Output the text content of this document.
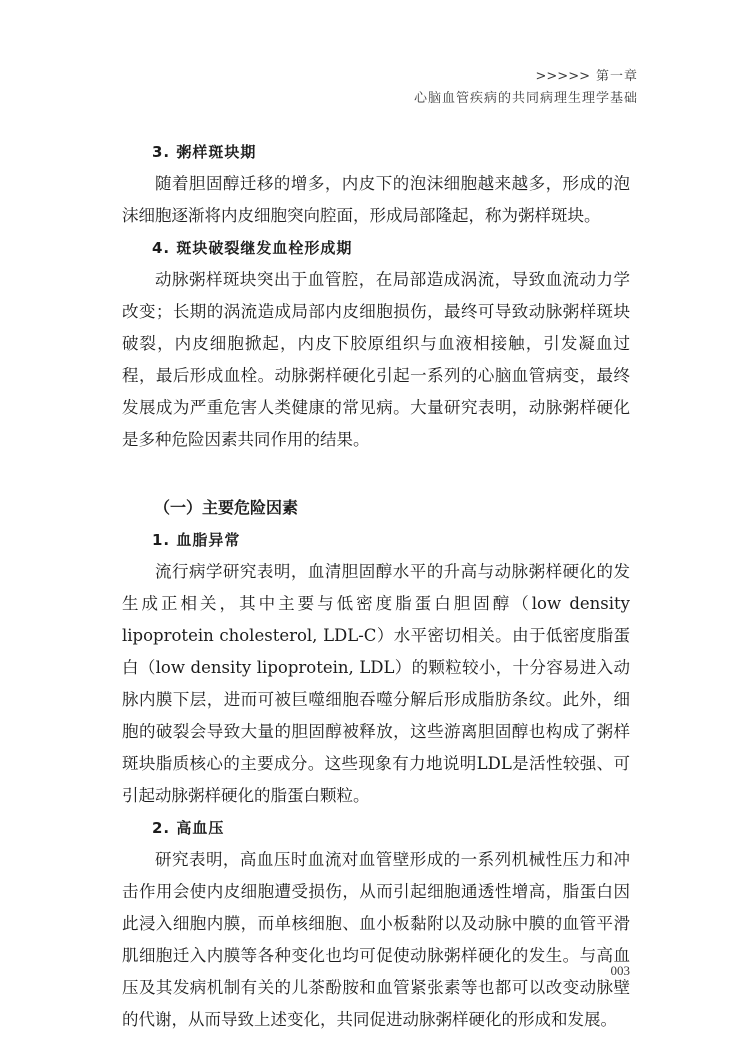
>>>>> 第一章
心脑血管疾病的共同病理生理学基础
3. 粥样斑块期

随着胆固醇迁移的增多，内皮下的泡沫细胞越来越多，形成的泡沫细胞逐渐将内皮细胞突向腔面，形成局部隆起，称为粥样斑块。

4. 斑块破裂继发血栓形成期

动脉粥样斑块突出于血管腔，在局部造成涡流，导致血流动力学改变；长期的涡流造成局部内皮细胞损伤，最终可导致动脉粥样斑块破裂，内皮细胞掀起，内皮下胶原组织与血液相接触，引发凝血过程，最后形成血栓。动脉粥样硬化引起一系列的心脑血管病变，最终发展成为严重危害人类健康的常见病。大量研究表明，动脉粥样硬化是多种危险因素共同作用的结果。

（一）主要危险因素
1. 血脂异常

流行病学研究表明，血清胆固醇水平的升高与动脉粥样硬化的发生成正相关，其中主要与低密度脂蛋白胆固醇（low density lipoprotein cholesterol, LDL-C）水平密切相关。由于低密度脂蛋白（low density lipoprotein, LDL）的颗粒较小，十分容易进入动脉内膜下层，进而可被巨噬细胞吞噬分解后形成脂肪条纹。此外，细胞的破裂会导致大量的胆固醇被释放，这些游离胆固醇也构成了粥样斑块脂质核心的主要成分。这些现象有力地说明LDL是活性较强、可引起动脉粥样硬化的脂蛋白颗粒。

2. 高血压

研究表明，高血压时血流对血管壁形成的一系列机械性压力和冲击作用会使内皮细胞遭受损伤，从而引起细胞通透性增高，脂蛋白因此浸入细胞内膜，而单核细胞、血小板黏附以及动脉中膜的血管平滑肌细胞迁入内膜等各种变化也均可促使动脉粥样硬化的发生。与高血压及其发病机制有关的儿茶酚胺和血管紧张素等也都可以改变动脉壁的代谢，从而导致上述变化，共同促进动脉粥样硬化的形成和发展。

003
